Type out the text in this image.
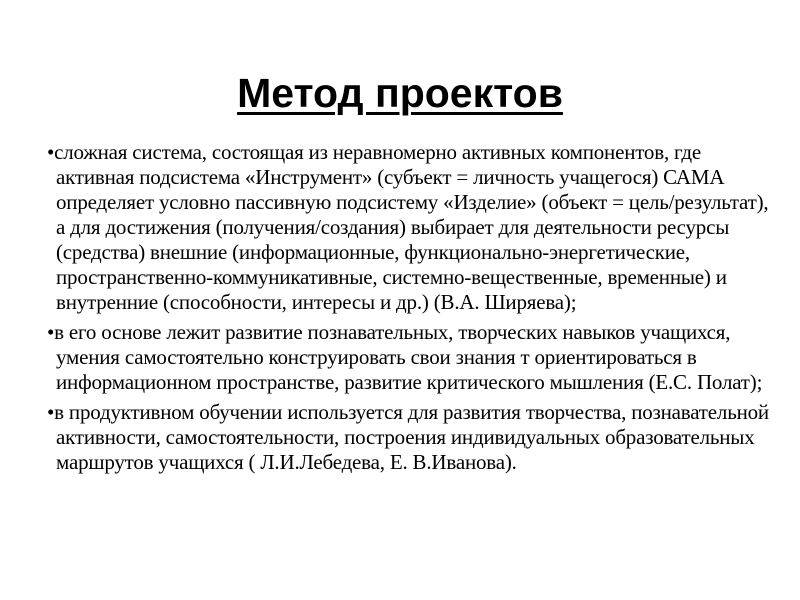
Метод проектов

•сложная система, состоящая из неравномерно активных компонентов, где активная подсистема «Инструмент» (субъект = личность учащегося) САМА определяет условно пассивную подсистему «Изделие» (объект = цель/результат), а для достижения (получения/создания) выбирает для деятельности ресурсы (средства) внешние (информационные, функционально-энергетические, пространственно-коммуникативные, системно-вещественные, временные) и внутренние (способности, интересы и др.) (В.А. Ширяева);

•в его основе лежит развитие познавательных, творческих навыков учащихся, умения самостоятельно конструировать свои знания т ориентироваться в информационном пространстве, развитие критического мышления (Е.С. Полат);

•в продуктивном обучении используется для развития творчества, познавательной активности, самостоятельности, построения индивидуальных образовательных маршрутов учащихся ( Л.И.Лебедева, Е. В.Иванова).
